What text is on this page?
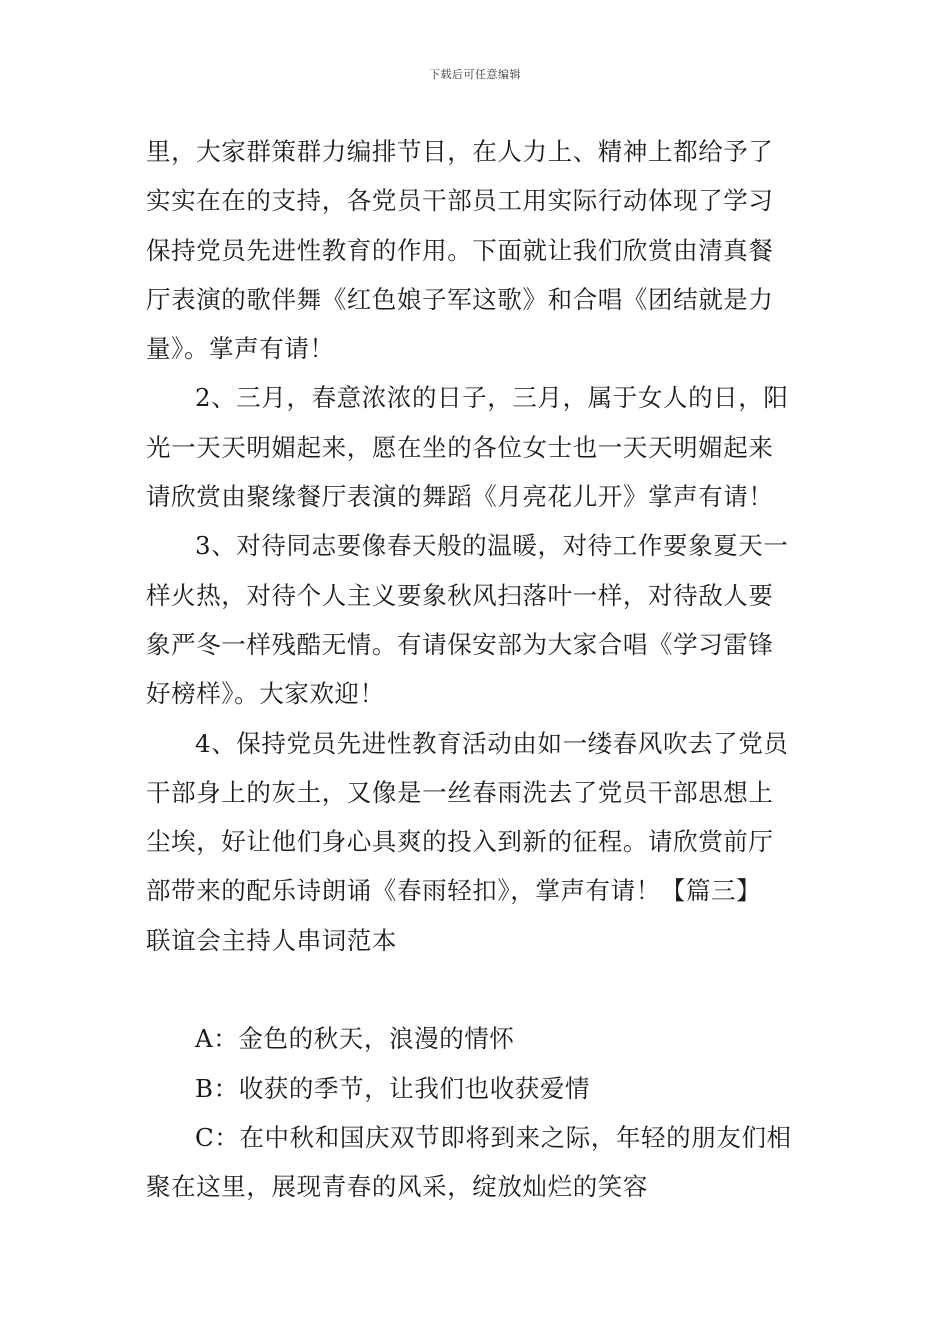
下载后可任意编辑
里，大家群策群力编排节目，在人力上、精神上都给予了
实实在在的支持，各党员干部员工用实际行动体现了学习
保持党员先进性教育的作用。下面就让我们欣赏由清真餐
厅表演的歌伴舞《红色娘子军这歌》和合唱《团结就是力
量》。掌声有请！
2、三月，春意浓浓的日子，三月，属于女人的日，阳
光一天天明媚起来，愿在坐的各位女士也一天天明媚起来
请欣赏由聚缘餐厅表演的舞蹈《月亮花儿开》掌声有请！
3、对待同志要像春天般的温暖，对待工作要象夏天一
样火热，对待个人主义要象秋风扫落叶一样，对待敌人要
象严冬一样残酷无情。有请保安部为大家合唱《学习雷锋
好榜样》。大家欢迎！
4、保持党员先进性教育活动由如一缕春风吹去了党员
干部身上的灰土，又像是一丝春雨洗去了党员干部思想上
尘埃，好让他们身心具爽的投入到新的征程。请欣赏前厅
部带来的配乐诗朗诵《春雨轻扣》，掌声有请！【篇三】
联谊会主持人串词范本
A：金色的秋天，浪漫的情怀
B：收获的季节，让我们也收获爱情
C：在中秋和国庆双节即将到来之际，年轻的朋友们相
聚在这里，展现青春的风采，绽放灿烂的笑容
